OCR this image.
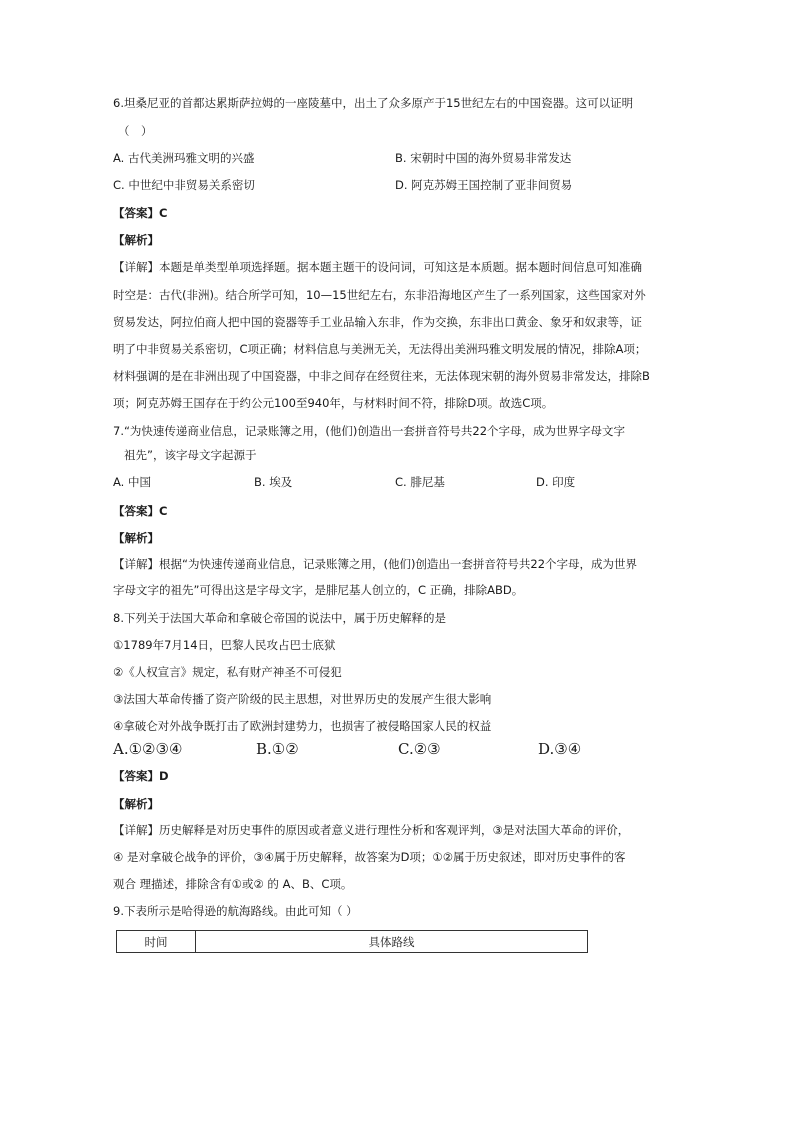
6.坦桑尼亚的首都达累斯萨拉姆的一座陵墓中，出土了众多原产于15世纪左右的中国瓷器。这可以证明
（　）
A. 古代美洲玛雅文明的兴盛	B. 宋朝时中国的海外贸易非常发达
C. 中世纪中非贸易关系密切	D. 阿克苏姆王国控制了亚非间贸易
【答案】C
【解析】
【详解】本题是单类型单项选择题。据本题主题干的设问词，可知这是本质题。据本题时间信息可知准确
时空是：古代(非洲)。结合所学可知，10—15世纪左右，东非沿海地区产生了一系列国家，这些国家对外
贸易发达，阿拉伯商人把中国的瓷器等手工业品输入东非，作为交换，东非出口黄金、象牙和奴隶等，证
明了中非贸易关系密切，C项正确；材料信息与美洲无关，无法得出美洲玛雅文明发展的情况，排除A项；
材料强调的是在非洲出现了中国瓷器，中非之间存在经贸往来，无法体现宋朝的海外贸易非常发达，排除B
项；阿克苏姆王国存在于约公元100至940年，与材料时间不符，排除D项。故选C项。
7.“为快速传递商业信息，记录账簿之用，(他们)创造出一套拼音符号共22个字母，成为世界字母文字
祖先”，该字母文字起源于
A. 中国	B. 埃及	C. 腓尼基	D. 印度
【答案】C
【解析】
【详解】根据“为快速传递商业信息，记录账簿之用，(他们)创造出一套拼音符号共22个字母，成为世界
字母文字的祖先”可得出这是字母文字，是腓尼基人创立的，C 正确，排除ABD。
8.下列关于法国大革命和拿破仑帝国的说法中，属于历史解释的是
①1789年7月14日，巴黎人民攻占巴士底狱
②《人权宣言》规定，私有财产神圣不可侵犯
③法国大革命传播了资产阶级的民主思想，对世界历史的发展产生很大影响
④拿破仑对外战争既打击了欧洲封建势力，也损害了被侵略国家人民的权益
A.①②③④	B.①②	C.②③	D.③④
【答案】D
【解析】
【详解】历史解释是对历史事件的原因或者意义进行理性分析和客观评判，③是对法国大革命的评价，
④ 是对拿破仑战争的评价，③④属于历史解释，故答案为D项；①②属于历史叙述，即对历史事件的客
观合 理描述，排除含有①或② 的 A、B、C项。
9.下表所示是哈得逊的航海路线。由此可知（ ）
时间	具体路线
